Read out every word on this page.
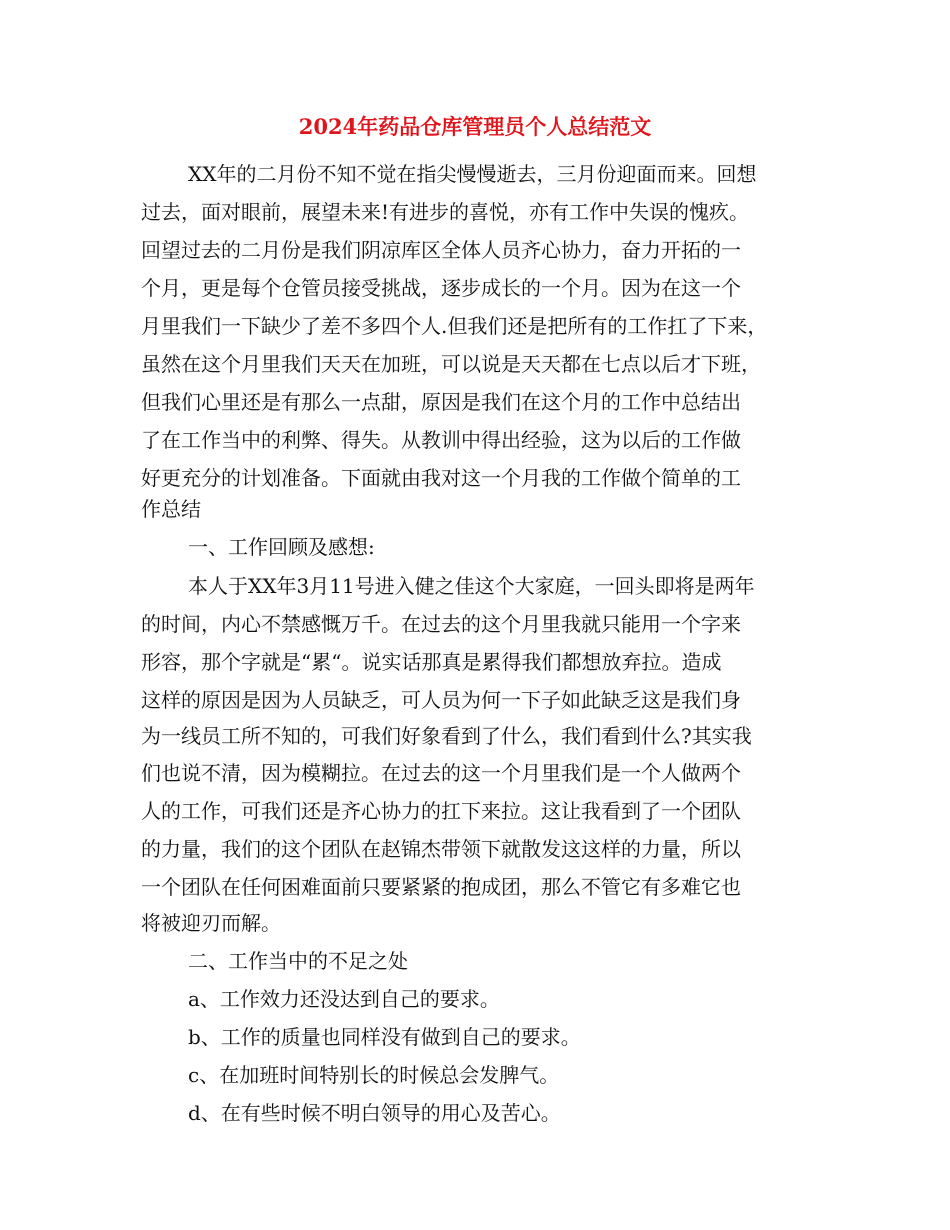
2024年药品仓库管理员个人总结范文
XX年的二月份不知不觉在指尖慢慢逝去，三月份迎面而来。回想
过去，面对眼前，展望未来!有进步的喜悦，亦有工作中失误的愧疚。
回望过去的二月份是我们阴凉库区全体人员齐心协力，奋力开拓的一
个月，更是每个仓管员接受挑战，逐步成长的一个月。因为在这一个
月里我们一下缺少了差不多四个人.但我们还是把所有的工作扛了下来，
虽然在这个月里我们天天在加班，可以说是天天都在七点以后才下班，
但我们心里还是有那么一点甜，原因是我们在这个月的工作中总结出
了在工作当中的利弊、得失。从教训中得出经验，这为以后的工作做
好更充分的计划准备。下面就由我对这一个月我的工作做个简单的工
作总结
一、工作回顾及感想:
本人于XX年3月11号进入健之佳这个大家庭，一回头即将是两年
的时间，内心不禁感慨万千。在过去的这个月里我就只能用一个字来
形容，那个字就是“累“。说实话那真是累得我们都想放弃拉。造成
这样的原因是因为人员缺乏，可人员为何一下子如此缺乏这是我们身
为一线员工所不知的，可我们好象看到了什么，我们看到什么?其实我
们也说不清，因为模糊拉。在过去的这一个月里我们是一个人做两个
人的工作，可我们还是齐心协力的扛下来拉。这让我看到了一个团队
的力量，我们的这个团队在赵锦杰带领下就散发这这样的力量，所以
一个团队在任何困难面前只要紧紧的抱成团，那么不管它有多难它也
将被迎刃而解。
二、工作当中的不足之处
a、工作效力还没达到自己的要求。
b、工作的质量也同样没有做到自己的要求。
c、在加班时间特别长的时候总会发脾气。
d、在有些时候不明白领导的用心及苦心。
